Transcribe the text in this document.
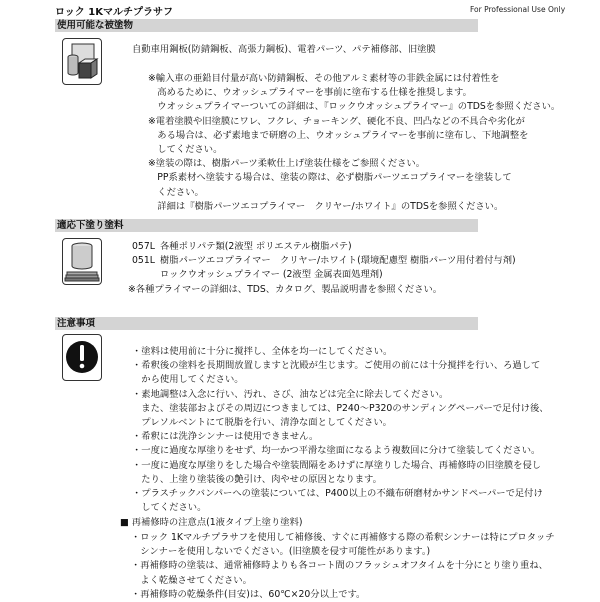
ロック 1Kマルチプラサフ	For Professional Use Only
使用可能な被塗物
自動車用鋼板(防錆鋼板、高張力鋼板)、電着パーツ、パテ補修部、旧塗膜
※輸入車の亜鉛目付量が高い防錆鋼板、その他アルミ素材等の非鉄金属には付着性を
　高めるために、ウオッシュプライマーを事前に塗布する仕様を推奨します。
　ウオッシュプライマーついての詳細は、『ロックウオッシュプライマー』のTDSを参照ください。
※電着塗膜や旧塗膜にワレ、フクレ、チョーキング、硬化不良、凹凸などの不具合や劣化が
　ある場合は、必ず素地まで研磨の上、ウオッシュプライマーを事前に塗布し、下地調整を
　してください。
※塗装の際は、樹脂パーツ柔軟仕上げ塗装仕様をご参照ください。
　PP系素材へ塗装する場合は、塗装の際は、必ず樹脂パーツエコプライマーを塗装して
　ください。
　詳細は『樹脂パーツエコプライマー　クリヤー/ホワイト』のTDSを参照ください。
適応下塗り塗料
057L 各種ポリパテ類(2液型 ポリエステル樹脂パテ)
051L 樹脂パーツエコプライマー　クリヤー/ホワイト(環境配慮型 樹脂パーツ用付着付与剤)
ロックウオッシュプライマー (2液型 金属表面処理剤)
※各種プライマーの詳細は、TDS、カタログ、製品説明書を参照ください。
注意事項
・塗料は使用前に十分に撹拌し、全体を均一にしてください。
・希釈後の塗料を長期間放置しますと沈殿が生じます。ご使用の前には十分撹拌を行い、ろ過して
　から使用してください。
・素地調整は入念に行い、汚れ、さび、油などは完全に除去してください。
　また、塗装部およびその周辺につきましては、P240〜P320のサンディングペーパーで足付け後、
　プレソルベントにて脱脂を行い、清浄な面としてください。
・希釈には洗浄シンナーは使用できません。
・一度に過度な厚塗りをせず、均一かつ平滑な塗面になるよう複数回に分けて塗装してください。
・一度に過度な厚塗りをした場合や塗装間隔をあけずに厚塗りした場合、再補修時の旧塗膜を侵し
　たり、上塗り塗装後の艶引け、肉やせの原因となります。
・プラスチックバンパーへの塗装については、P400以上の不織布研磨材かサンドペーパーで足付け
　してください。
■ 再補修時の注意点(1液タイプ上塗り塗料)
・ロック 1Kマルチプラサフを使用して補修後、すぐに再補修する際の希釈シンナーは特にプロタッチ
　シンナーを使用しないでください。(旧塗膜を侵す可能性があります。)
・再補修時の塗装は、通常補修時よりも各コート間のフラッシュオフタイムを十分にとり塗り重ね、
　よく乾燥させてください。
・再補修時の乾燥条件(目安)は、60℃×20分以上です。
